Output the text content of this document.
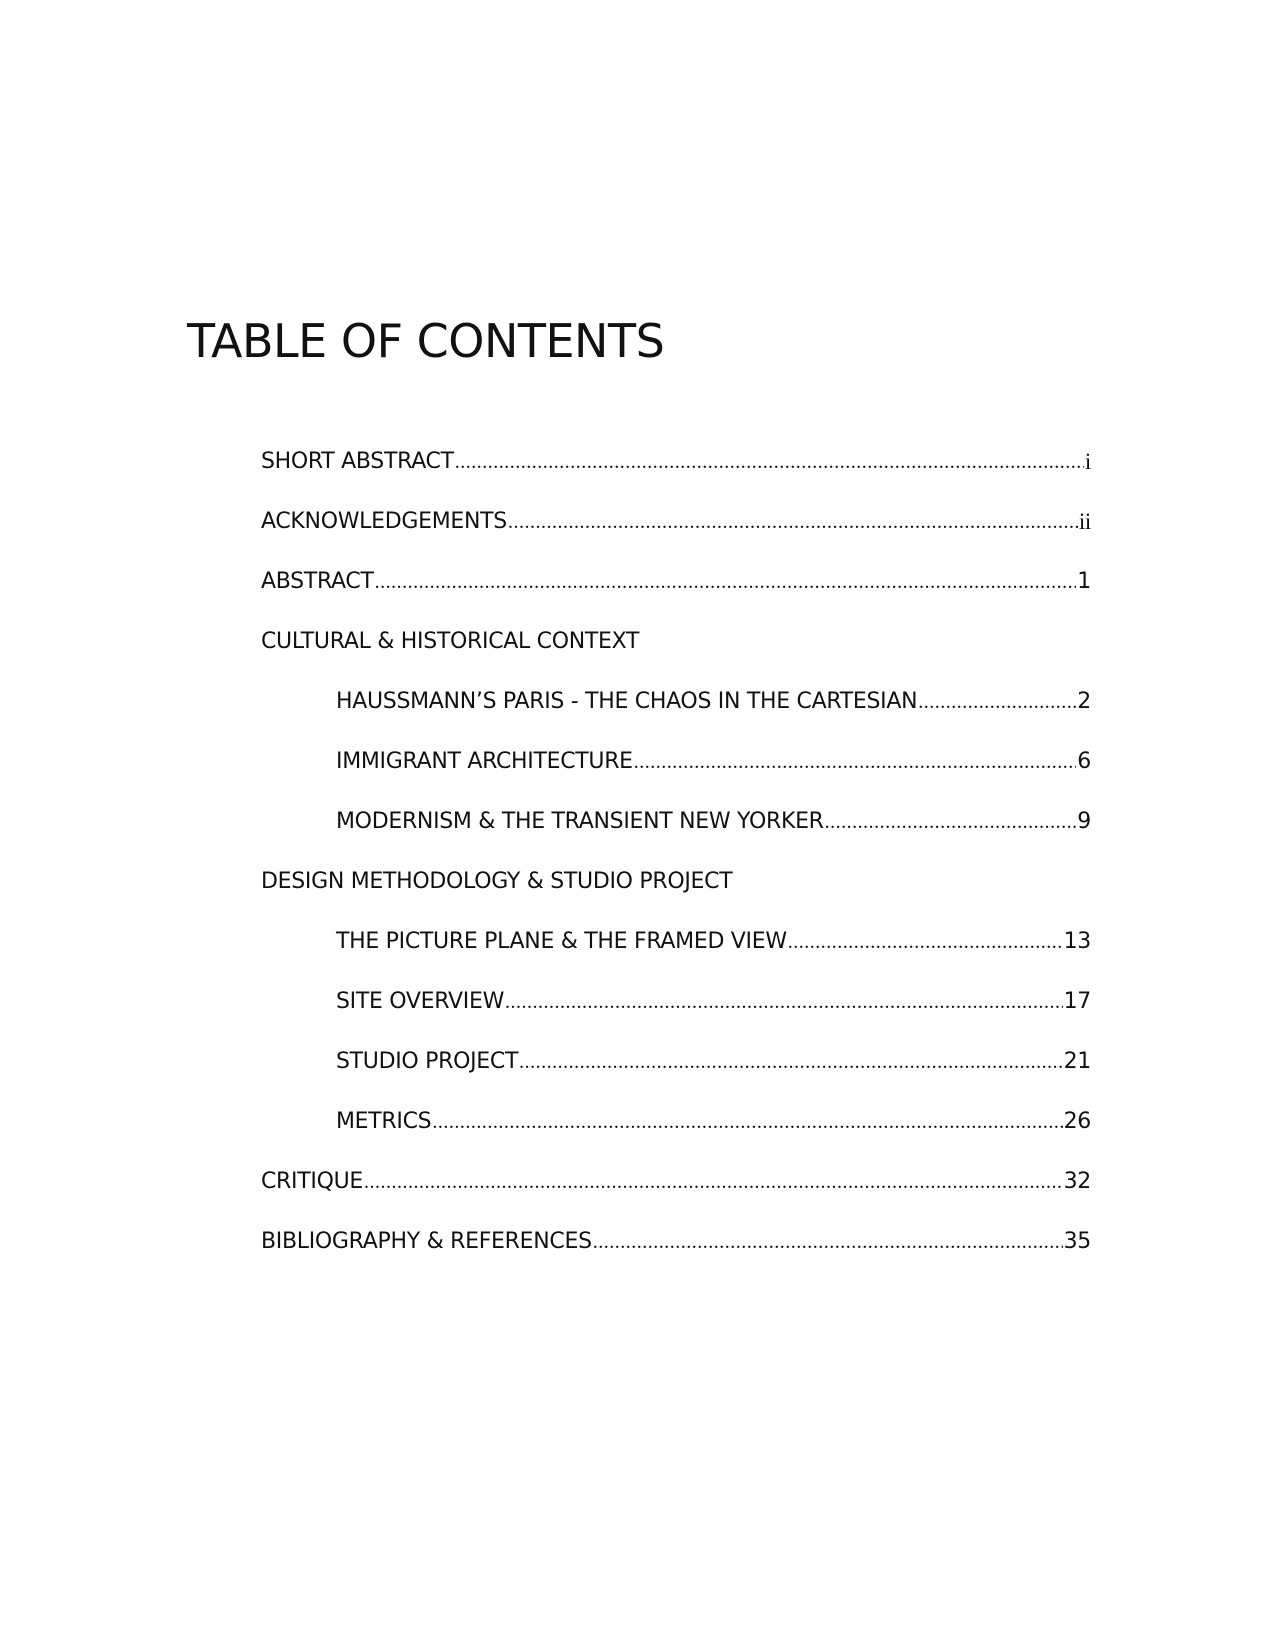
TABLE OF CONTENTS
SHORT ABSTRACT .....	i
ACKNOWLEDGEMENTS .....	ii
ABSTRACT .....	1
CULTURAL & HISTORICAL CONTEXT
HAUSSMANN’S PARIS - THE CHAOS IN THE CARTESIAN .....	2
IMMIGRANT ARCHITECTURE .....	6
MODERNISM & THE TRANSIENT NEW YORKER .....	9
DESIGN METHODOLOGY & STUDIO PROJECT
THE PICTURE PLANE & THE FRAMED VIEW .....	13
SITE OVERVIEW .....	17
STUDIO PROJECT .....	21
METRICS .....	26
CRITIQUE .....	32
BIBLIOGRAPHY & REFERENCES .....	35
